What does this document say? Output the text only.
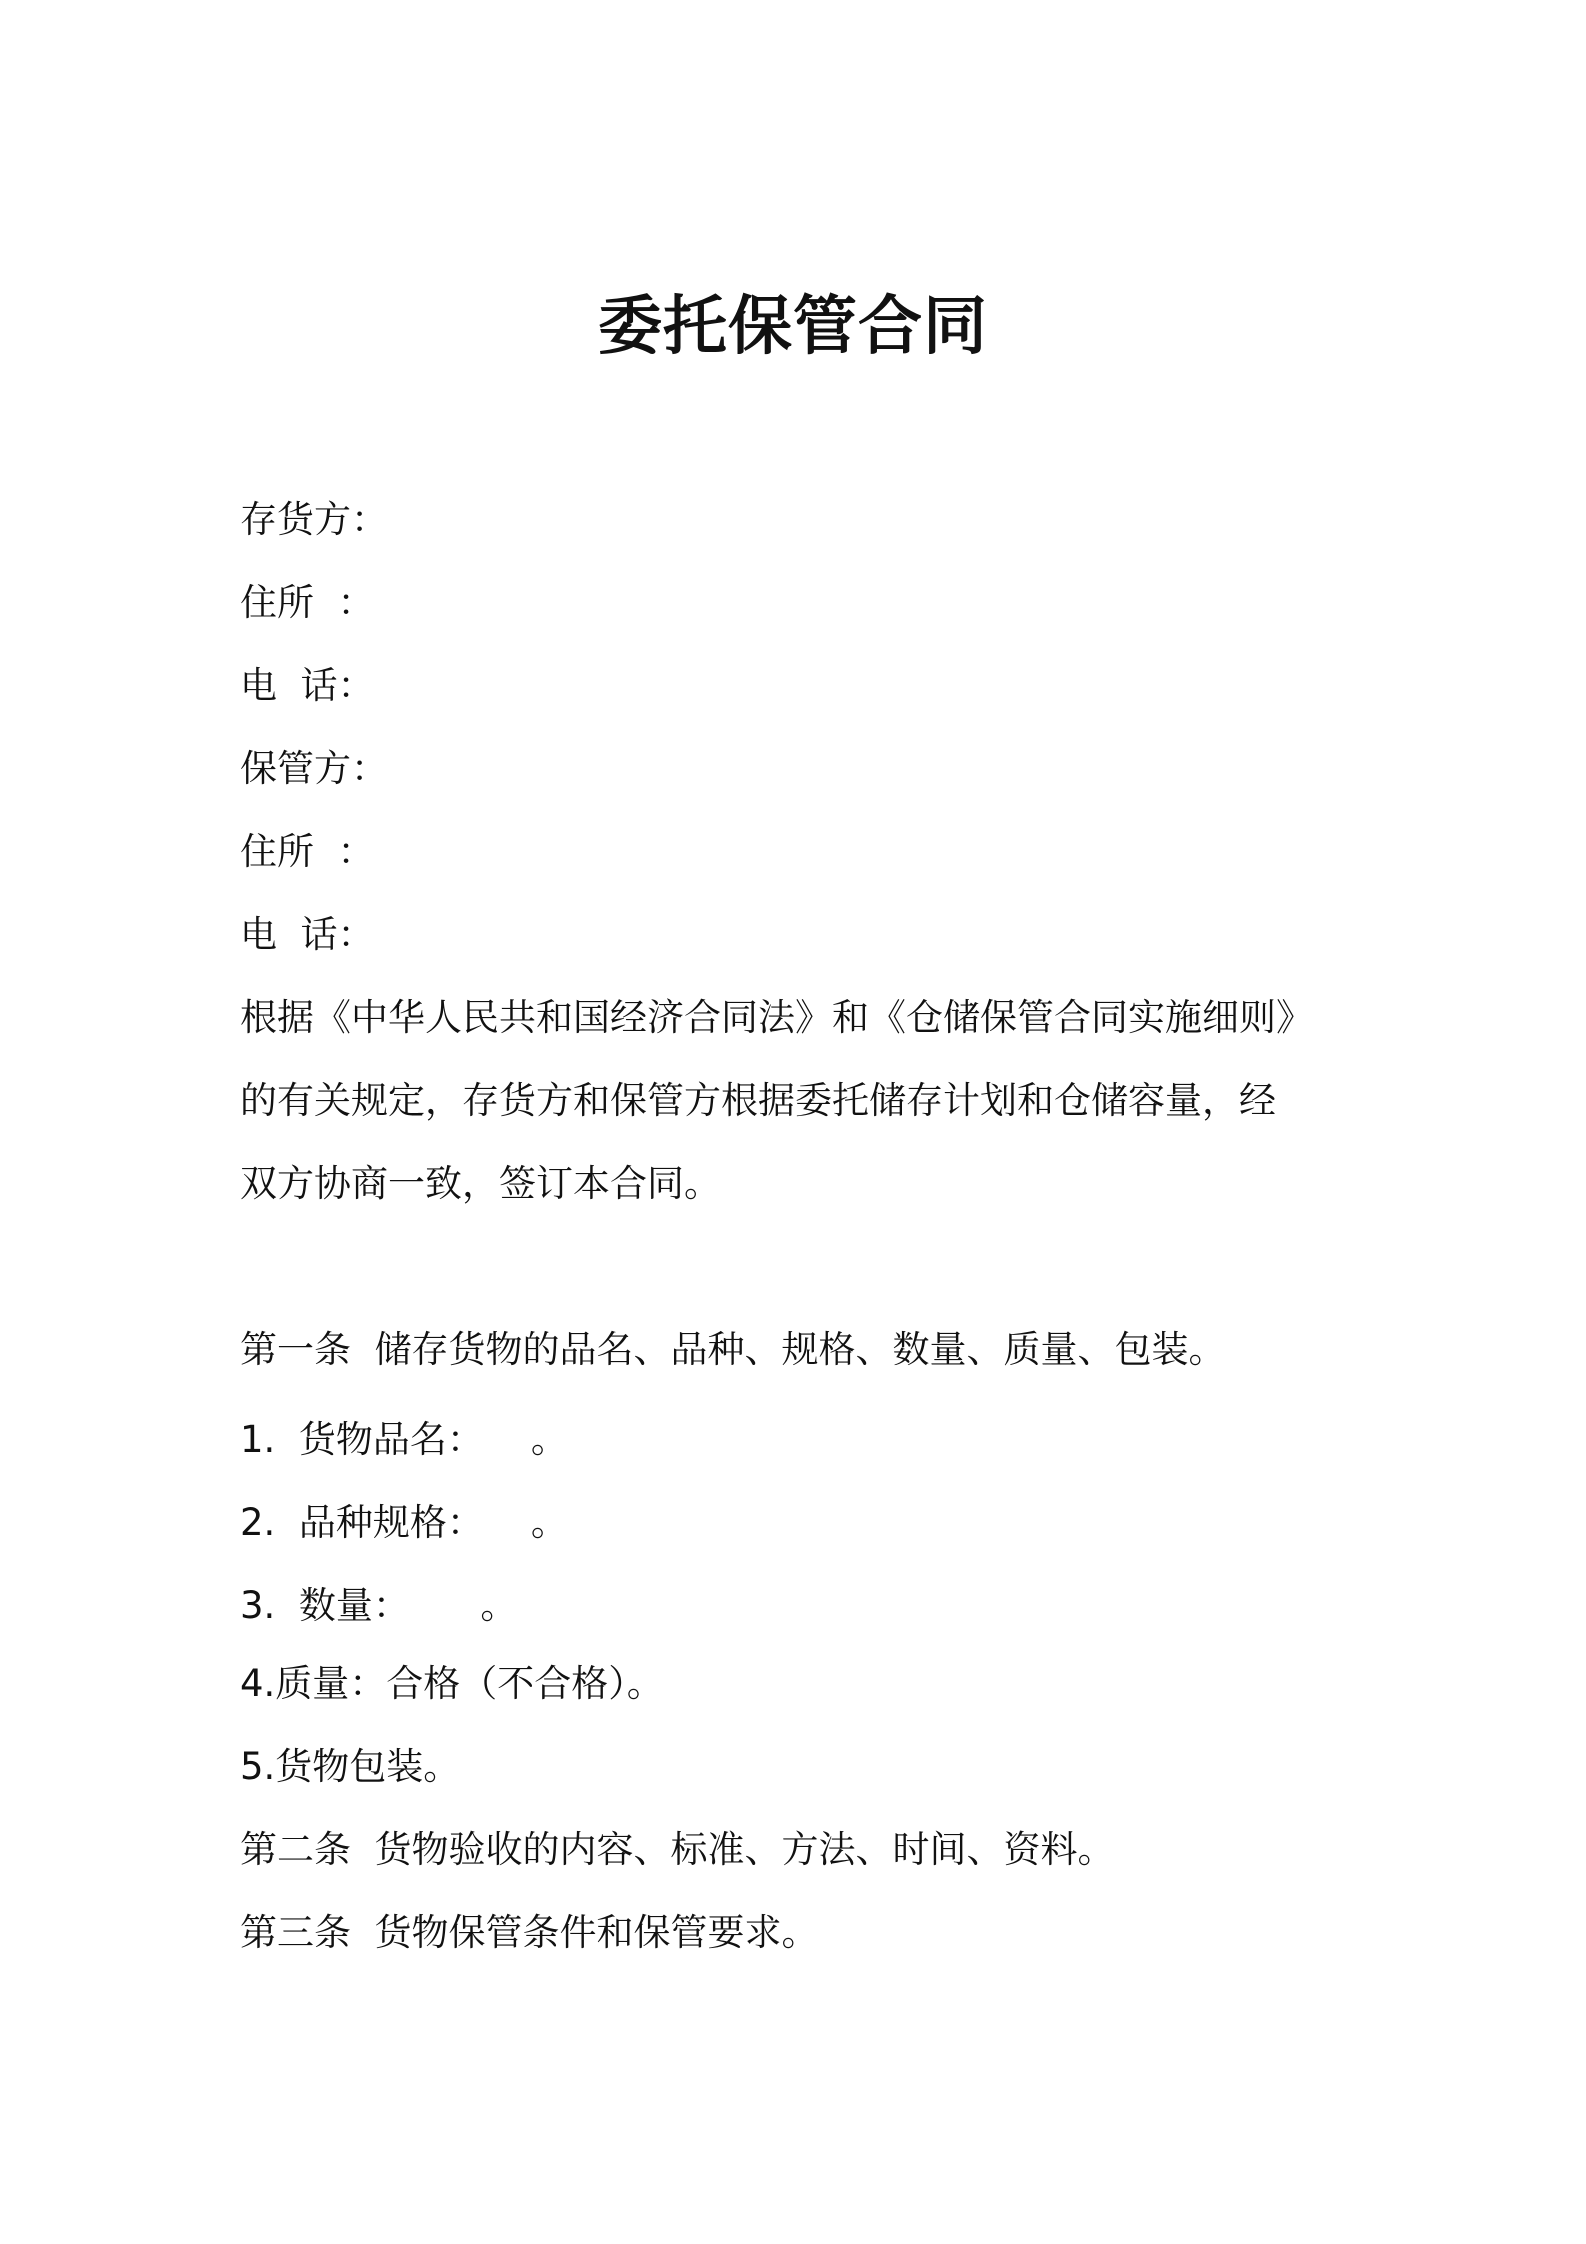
委托保管合同

存货方：

住所  ：

电  话：

保管方：

住所  ：

电  话：

根据《中华人民共和国经济合同法》和《仓储保管合同实施细则》

的有关规定，存货方和保管方根据委托储存计划和仓储容量，经

双方协商一致，签订本合同。

第一条  储存货物的品名、品种、规格、数量、质量、包装。

1.  货物品名：    。

2.  品种规格：    。

3.  数量：      。

4.质量：合格（不合格）。

5.货物包装。

第二条  货物验收的内容、标准、方法、时间、资料。

第三条  货物保管条件和保管要求。
